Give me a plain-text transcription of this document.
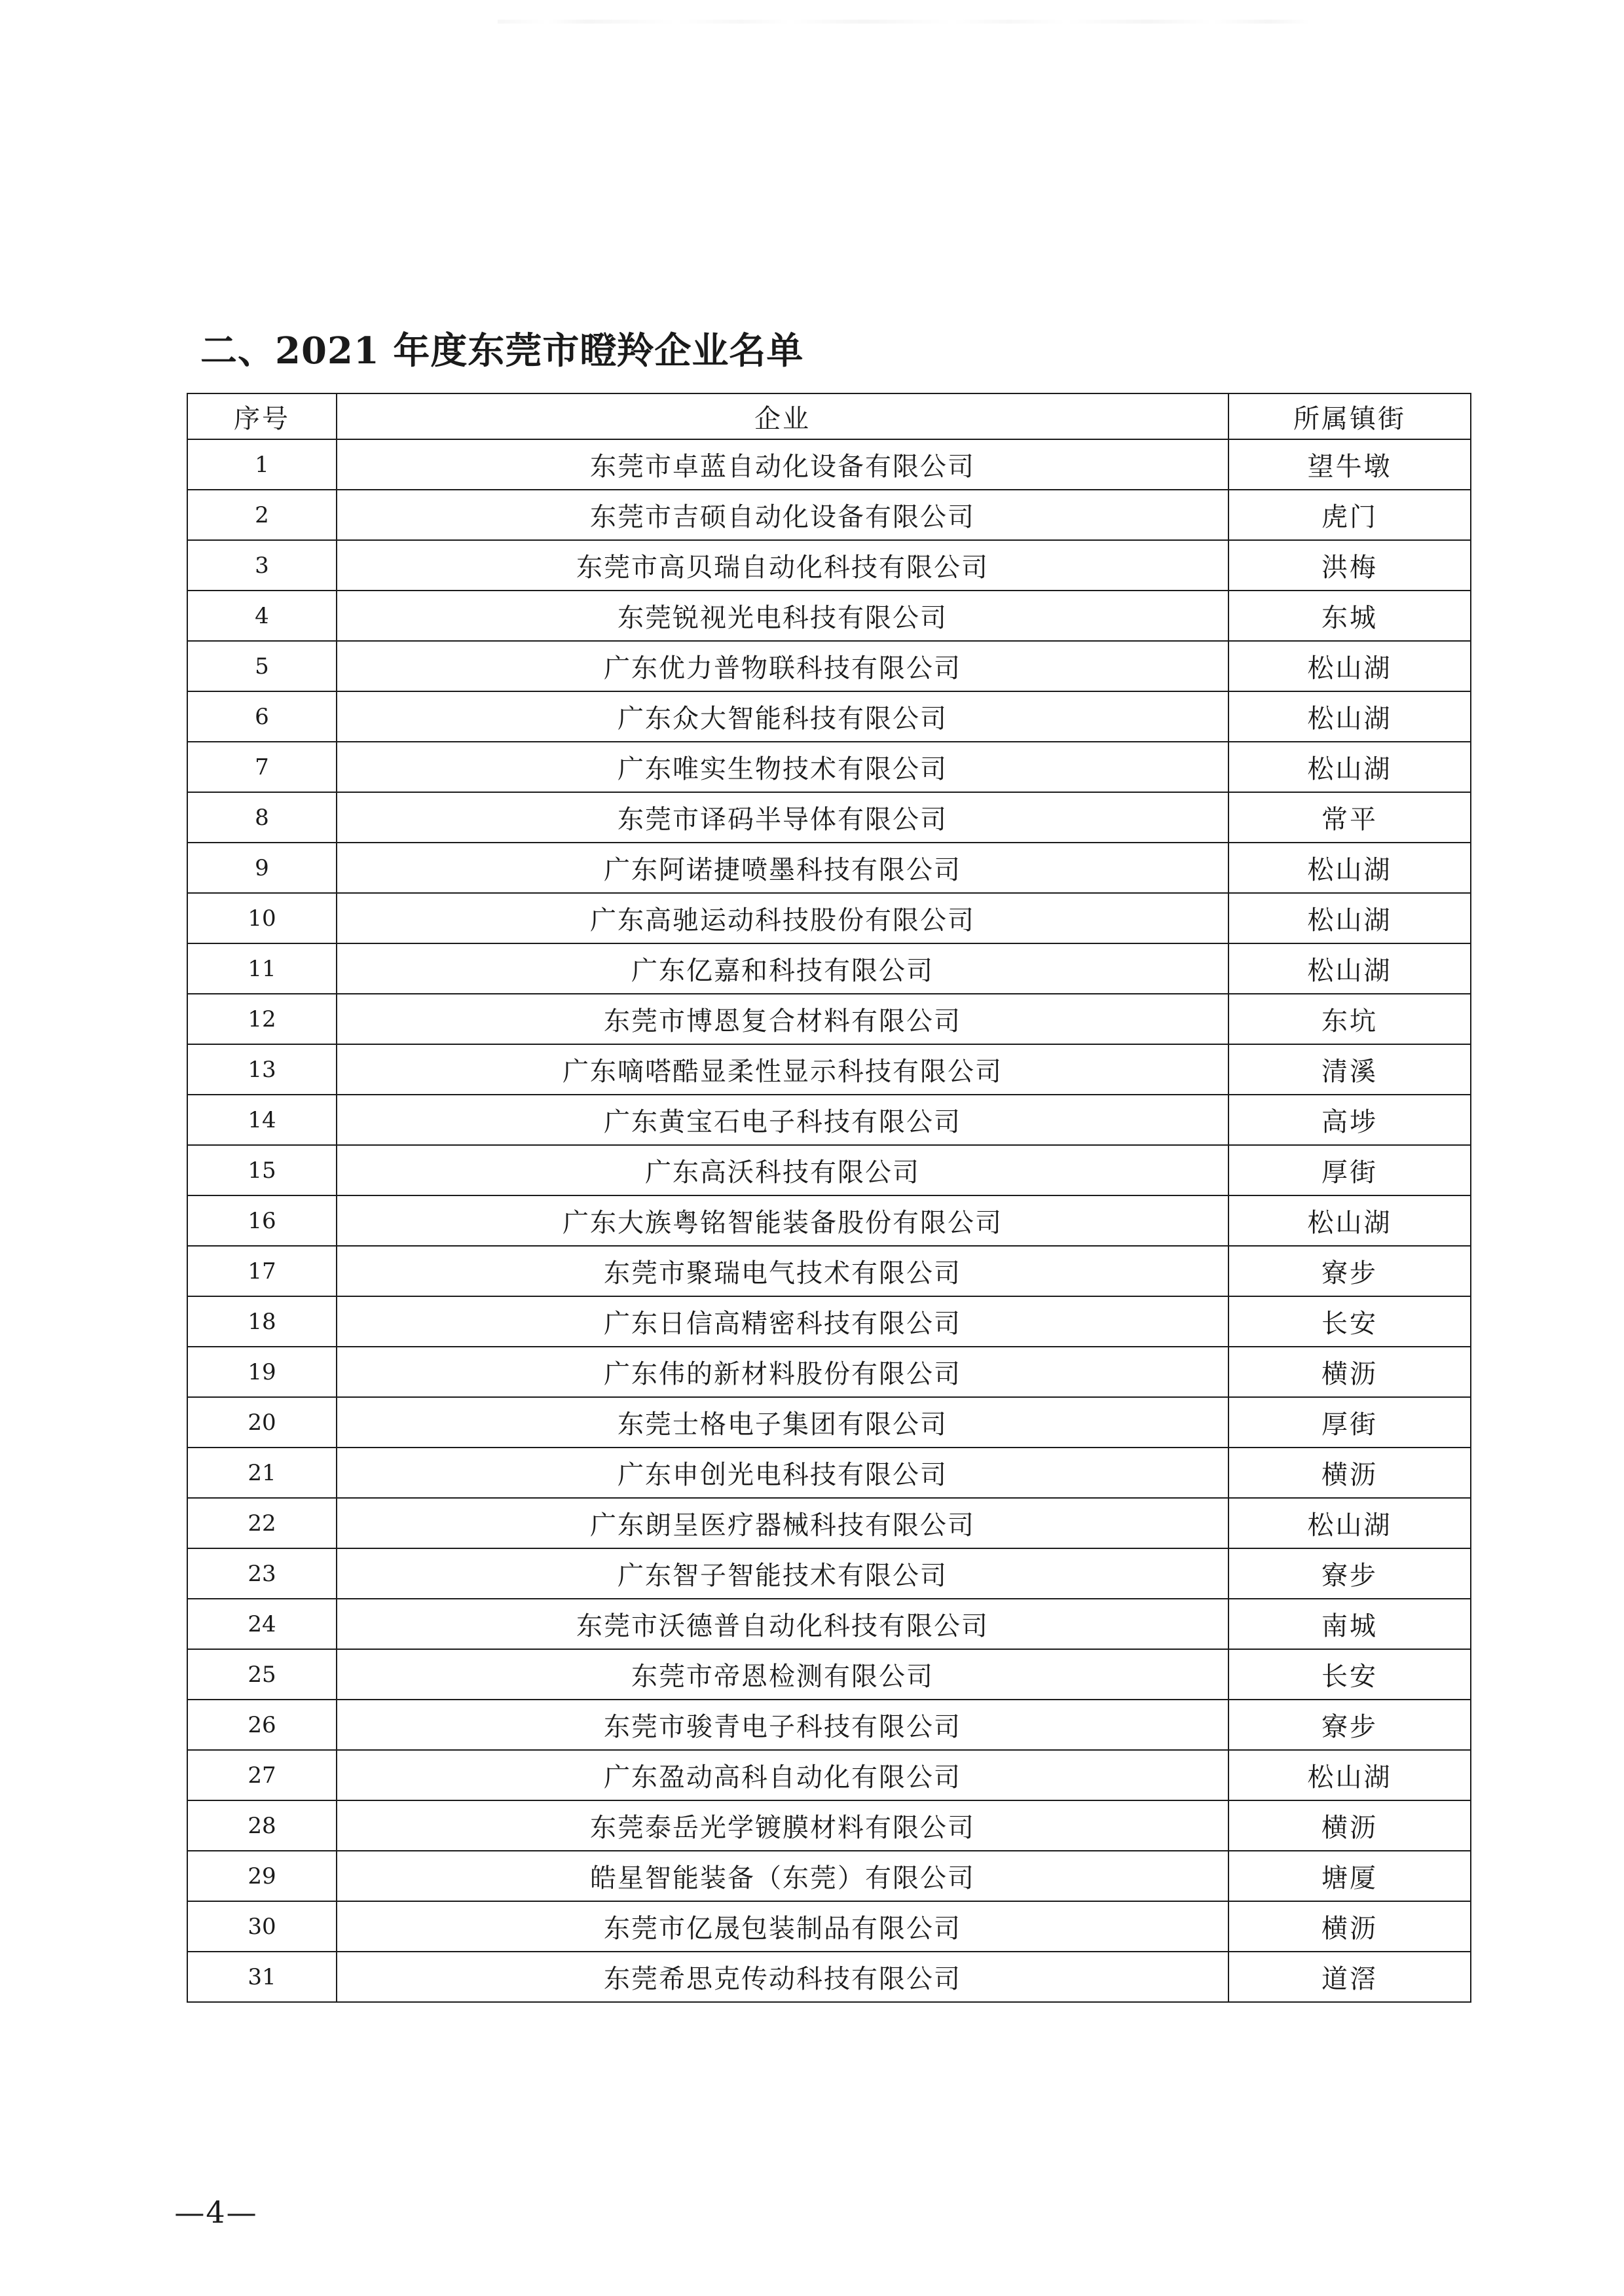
二、2021 年度东莞市瞪羚企业名单
序号	企业	所属镇街
1	东莞市卓蓝自动化设备有限公司	望牛墩
2	东莞市吉硕自动化设备有限公司	虎门
3	东莞市高贝瑞自动化科技有限公司	洪梅
4	东莞锐视光电科技有限公司	东城
5	广东优力普物联科技有限公司	松山湖
6	广东众大智能科技有限公司	松山湖
7	广东唯实生物技术有限公司	松山湖
8	东莞市译码半导体有限公司	常平
9	广东阿诺捷喷墨科技有限公司	松山湖
10	广东高驰运动科技股份有限公司	松山湖
11	广东亿嘉和科技有限公司	松山湖
12	东莞市博恩复合材料有限公司	东坑
13	广东嘀嗒酷显柔性显示科技有限公司	清溪
14	广东黄宝石电子科技有限公司	高埗
15	广东高沃科技有限公司	厚街
16	广东大族粤铭智能装备股份有限公司	松山湖
17	东莞市聚瑞电气技术有限公司	寮步
18	广东日信高精密科技有限公司	长安
19	广东伟的新材料股份有限公司	横沥
20	东莞士格电子集团有限公司	厚街
21	广东申创光电科技有限公司	横沥
22	广东朗呈医疗器械科技有限公司	松山湖
23	广东智子智能技术有限公司	寮步
24	东莞市沃德普自动化科技有限公司	南城
25	东莞市帝恩检测有限公司	长安
26	东莞市骏青电子科技有限公司	寮步
27	广东盈动高科自动化有限公司	松山湖
28	东莞泰岳光学镀膜材料有限公司	横沥
29	皓星智能装备（东莞）有限公司	塘厦
30	东莞市亿晟包装制品有限公司	横沥
31	东莞希思克传动科技有限公司	道滘
—4—
